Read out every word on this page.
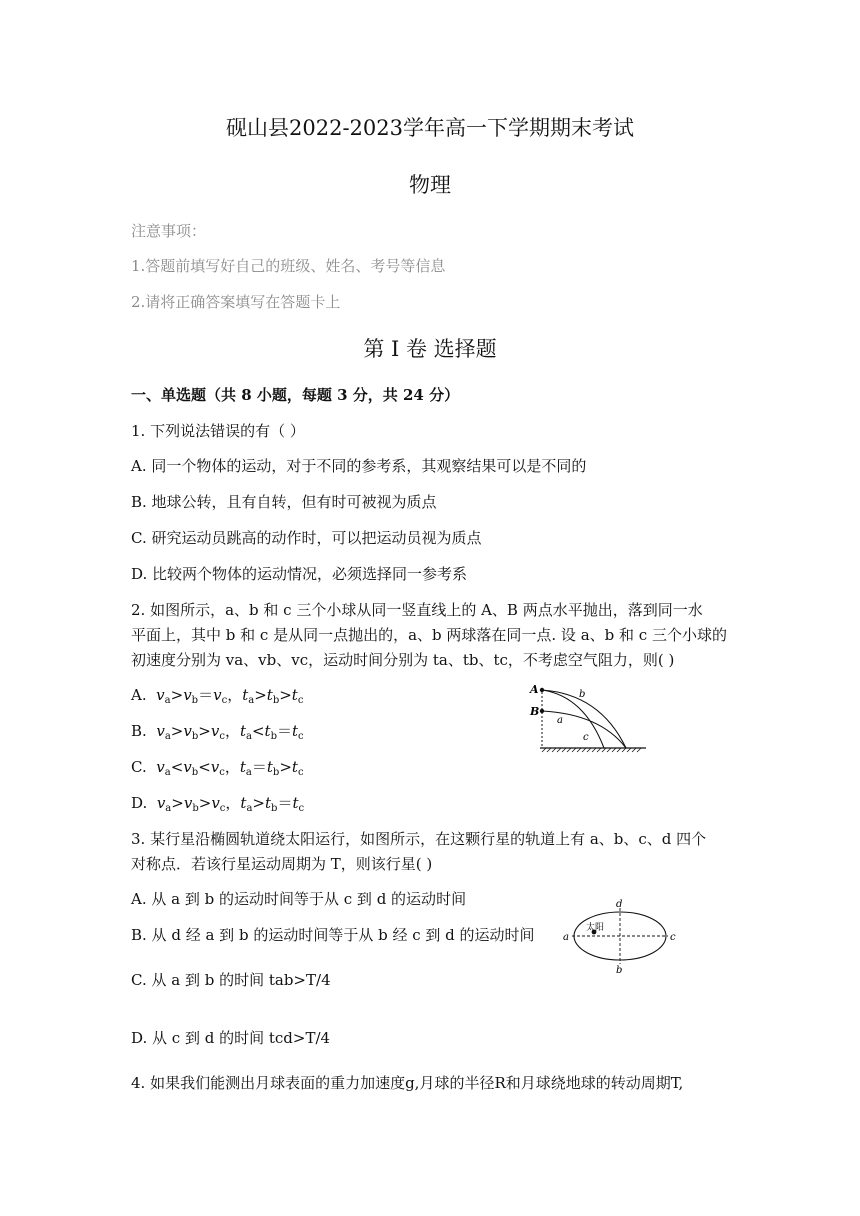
砚山县2022-2023学年高一下学期期末考试
物理
注意事项：
1.答题前填写好自己的班级、姓名、考号等信息
2.请将正确答案填写在答题卡上
第 I 卷 选择题
一、单选题（共 8 小题，每题 3 分，共 24 分）
1. 下列说法错误的有（ ）
A. 同一个物体的运动，对于不同的参考系，其观察结果可以是不同的
B. 地球公转，且有自转，但有时可被视为质点
C. 研究运动员跳高的动作时，可以把运动员视为质点
D. 比较两个物体的运动情况，必须选择同一参考系
2. 如图所示，a、b 和 c 三个小球从同一竖直线上的 A、B 两点水平抛出，落到同一水
平面上，其中 b 和 c 是从同一点抛出的，a、b 两球落在同一点. 设 a、b 和 c 三个小球的
初速度分别为 va、vb、vc，运动时间分别为 ta、tb、tc，不考虑空气阻力，则( )
A. $v_a>v_b=v_c$，$t_a>t_b>t_c$
B. $v_a>v_b>v_c$，$t_a<t_b=t_c$
C. $v_a<v_b<v_c$，$t_a=t_b>t_c$
D. $v_a>v_b>v_c$，$t_a>t_b=t_c$
A
B
b
a
c
3. 某行星沿椭圆轨道绕太阳运行，如图所示，在这颗行星的轨道上有 a、b、c、d 四个
对称点．若该行星运动周期为 T，则该行星( )
A. 从 a 到 b 的运动时间等于从 c 到 d 的运动时间
B. 从 d 经 a 到 b 的运动时间等于从 b 经 c 到 d 的运动时间
C. 从 a 到 b 的时间 tab>T/4
D. 从 c 到 d 的时间 tcd>T/4
太阳
a	c
d
b
4. 如果我们能测出月球表面的重力加速度g,月球的半径R和月球绕地球的转动周期T,
